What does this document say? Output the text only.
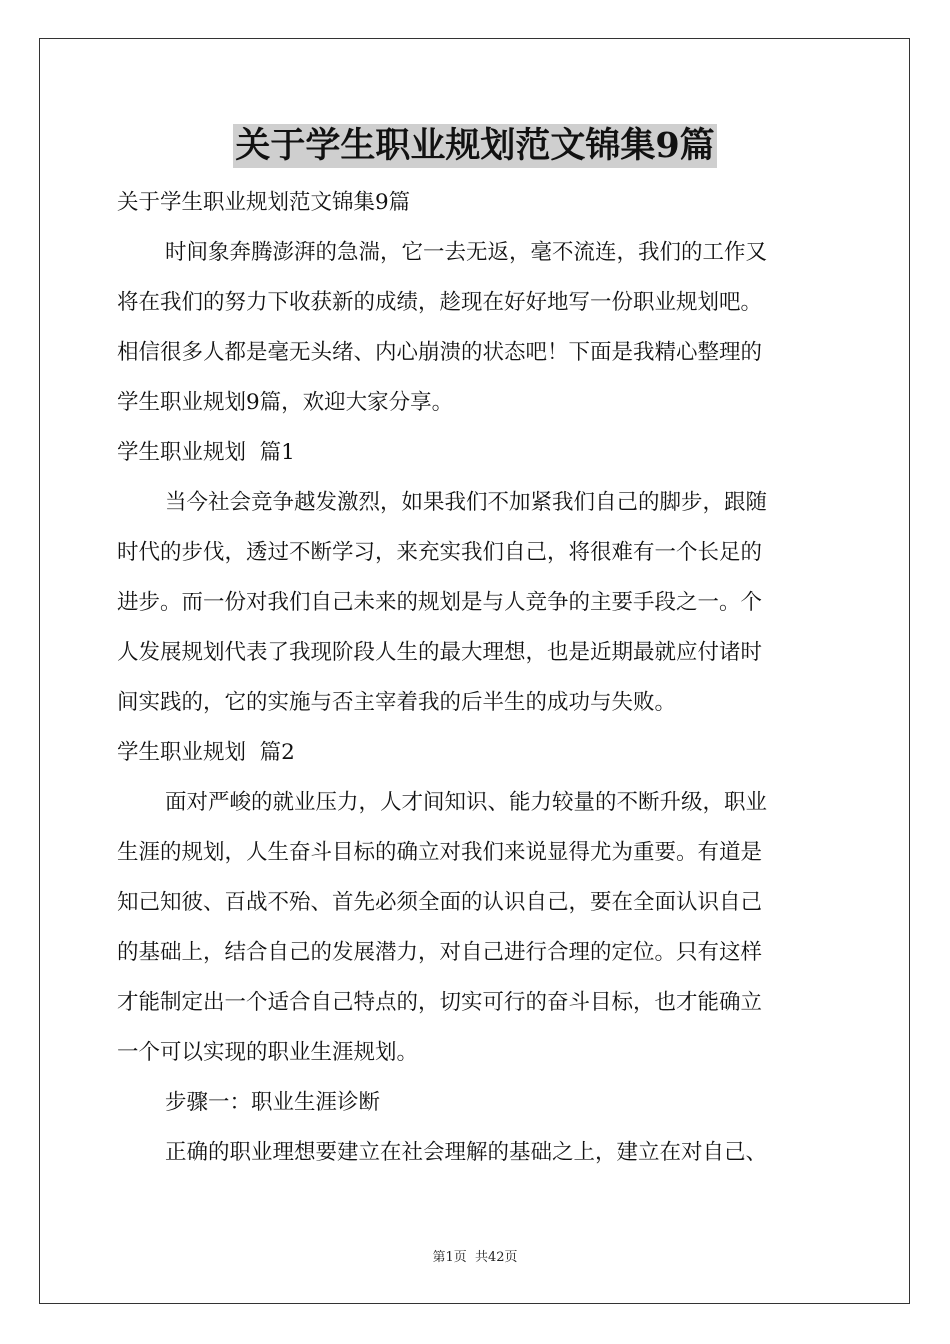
关于学生职业规划范文锦集9篇
关于学生职业规划范文锦集9篇
时间象奔腾澎湃的急湍，它一去无返，毫不流连，我们的工作又
将在我们的努力下收获新的成绩，趁现在好好地写一份职业规划吧。
相信很多人都是毫无头绪、内心崩溃的状态吧！下面是我精心整理的
学生职业规划9篇，欢迎大家分享。
学生职业规划  篇1
当今社会竞争越发激烈，如果我们不加紧我们自己的脚步，跟随
时代的步伐，透过不断学习，来充实我们自己，将很难有一个长足的
进步。而一份对我们自己未来的规划是与人竞争的主要手段之一。个
人发展规划代表了我现阶段人生的最大理想，也是近期最就应付诸时
间实践的，它的实施与否主宰着我的后半生的成功与失败。
学生职业规划  篇2
面对严峻的就业压力，人才间知识、能力较量的不断升级，职业
生涯的规划，人生奋斗目标的确立对我们来说显得尤为重要。有道是
知己知彼、百战不殆、首先必须全面的认识自己，要在全面认识自己
的基础上，结合自己的发展潜力，对自己进行合理的定位。只有这样
才能制定出一个适合自己特点的，切实可行的奋斗目标，也才能确立
一个可以实现的职业生涯规划。
步骤一：职业生涯诊断
正确的职业理想要建立在社会理解的基础之上，建立在对自己、
第1页 共42页
